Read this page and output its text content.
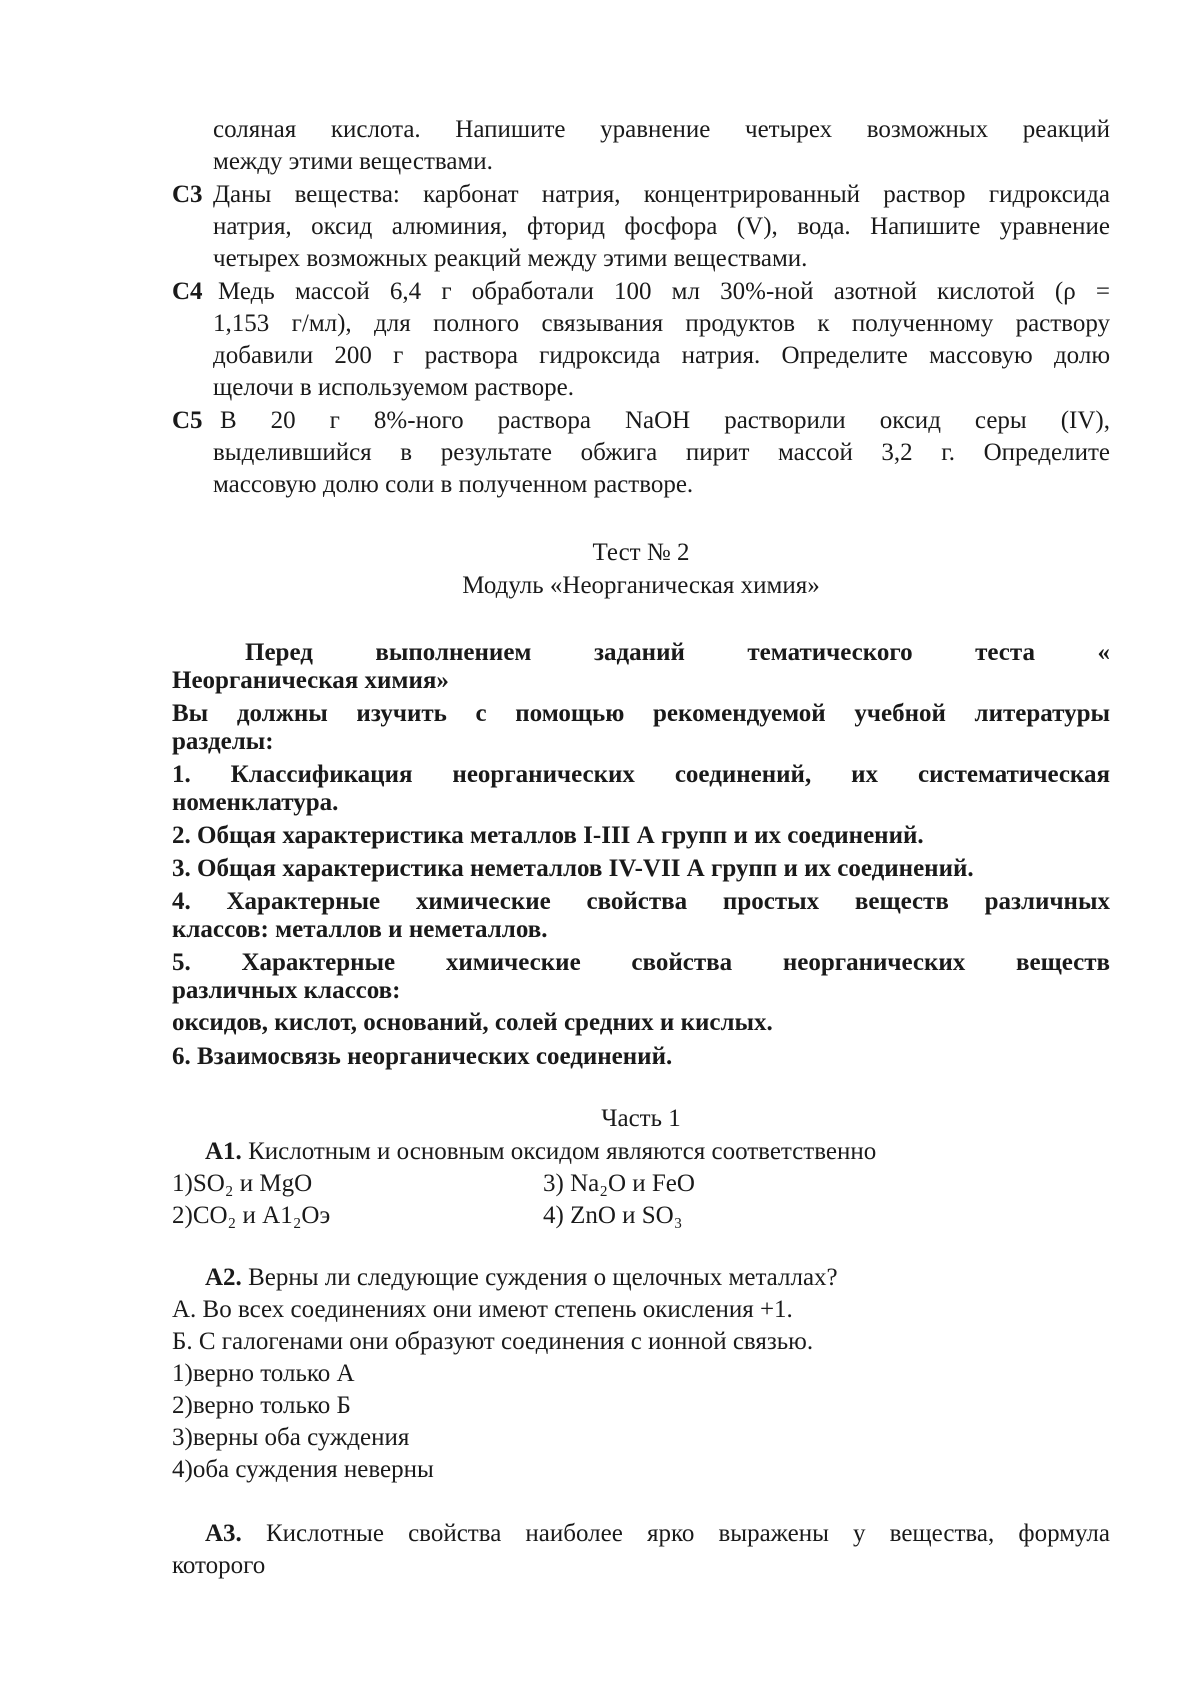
соляная кислота. Напишите уравнение четырех возможных реакций
между этими веществами.
С3 Даны вещества: карбонат натрия, концентрированный раствор гидроксида
натрия, оксид алюминия, фторид фосфора (V), вода. Напишите уравнение
четырех возможных реакций между этими веществами.
С4 Медь массой 6,4 г обработали 100 мл 30%-ной азотной кислотой (ρ =
1,153 г/мл), для полного связывания продуктов к полученному раствору
добавили 200 г раствора гидроксида натрия. Определите массовую долю
щелочи в используемом растворе.
С5 В 20 г 8%-ного раствора NaOH растворили оксид серы (IV),
выделившийся в результате обжига пирит массой 3,2 г. Определите
массовую долю соли в полученном растворе.
Тест № 2
Модуль «Неорганическая химия»
Перед выполнением заданий тематического теста «
Неорганическая химия»
Вы должны изучить с помощью рекомендуемой учебной литературы
разделы:
1. Классификация неорганических соединений, их систематическая
номенклатура.
2. Общая характеристика металлов I-III А групп и их соединений.
3. Общая характеристика неметаллов IV-VII А групп и их соединений.
4. Характерные химические свойства простых веществ различных
классов: металлов и неметаллов.
5. Характерные химические свойства неорганических веществ
различных классов:
оксидов, кислот, оснований, солей средних и кислых.
6. Взаимосвязь неорганических соединений.
Часть 1
А1. Кислотным и основным оксидом являются соответственно
1)SO₂ и MgO	3) Na₂O и FeO
2)CO₂ и A1₂Oэ	4) ZnO и SO₃
А2. Верны ли следующие суждения о щелочных металлах?
А. Во всех соединениях они имеют степень окисления +1.
Б. С галогенами они образуют соединения с ионной связью.
1)верно только А
2)верно только Б
3)верны оба суждения
4)оба суждения неверны
А3. Кислотные свойства наиболее ярко выражены у вещества, формула
которого
